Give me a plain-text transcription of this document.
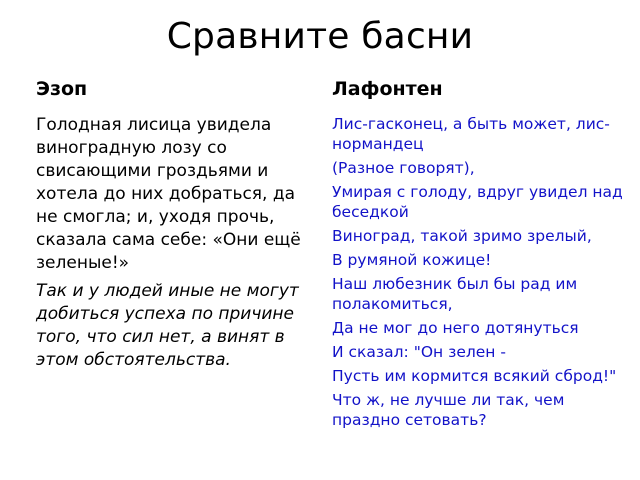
Сравните басни
Эзоп

Голодная лисица увидела виноградную лозу со свисающими гроздьями и хотела до них добраться, да не смогла; и, уходя прочь, сказала сама себе: «Они ещё зеленые!»

Так и у людей иные не могут добиться успеха по причине того, что сил нет, а винят в этом обстоятельства.

Лафонтен

Лис-гасконец, а быть может, лис-нормандец

(Разное говорят),

Умирая с голоду, вдруг увидел над беседкой

Виноград, такой зримо зрелый,

В румяной кожице!

Наш любезник был бы рад им полакомиться,

Да не мог до него дотянуться

И сказал: "Он зелен -

Пусть им кормится всякий сброд!"

Что ж, не лучше ли так, чем праздно сетовать?
